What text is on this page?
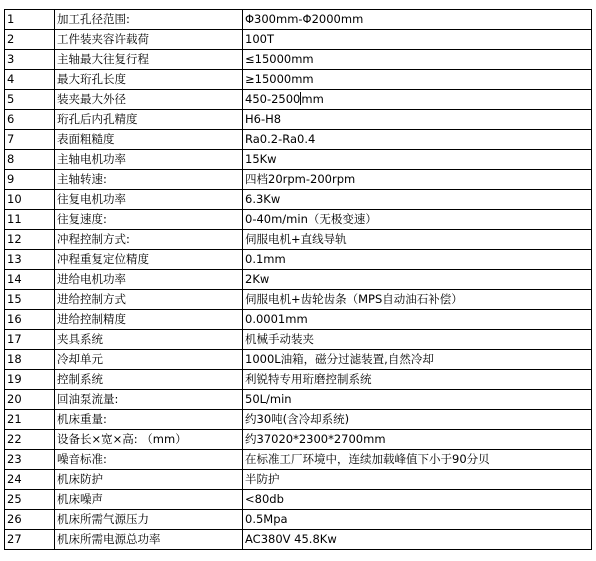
1	加工孔径范围:	Φ300mm-Φ2000mm
2	工件装夹容许载荷	100T
3	主轴最大往复行程	≤15000mm
4	最大珩孔长度	≥15000mm
5	装夹最大外径	450-2500mm
6	珩孔后内孔精度	H6-H8
7	表面粗糙度	Ra0.2-Ra0.4
8	主轴电机功率	15Kw
9	主轴转速:	四档20rpm-200rpm
10	往复电机功率	6.3Kw
11	往复速度:	0-40m/min（无极变速）
12	冲程控制方式:	伺服电机+直线导轨
13	冲程重复定位精度	0.1mm
14	进给电机功率	2Kw
15	进给控制方式	伺服电机+齿轮齿条（MPS自动油石补偿）
16	进给控制精度	0.0001mm
17	夹具系统	机械手动装夹
18	冷却单元	1000L油箱，磁分过滤装置,自然冷却
19	控制系统	利锐特专用珩磨控制系统
20	回油泵流量:	50L/min
21	机床重量:	约30吨(含冷却系统)
22	设备长×宽×高: （mm）	约37020*2300*2700mm
23	噪音标准:	在标准工厂环境中，连续加载峰值下小于90分贝
24	机床防护	半防护
25	机床噪声	<80db
26	机床所需气源压力	0.5Mpa
27	机床所需电源总功率	AC380V 45.8Kw
